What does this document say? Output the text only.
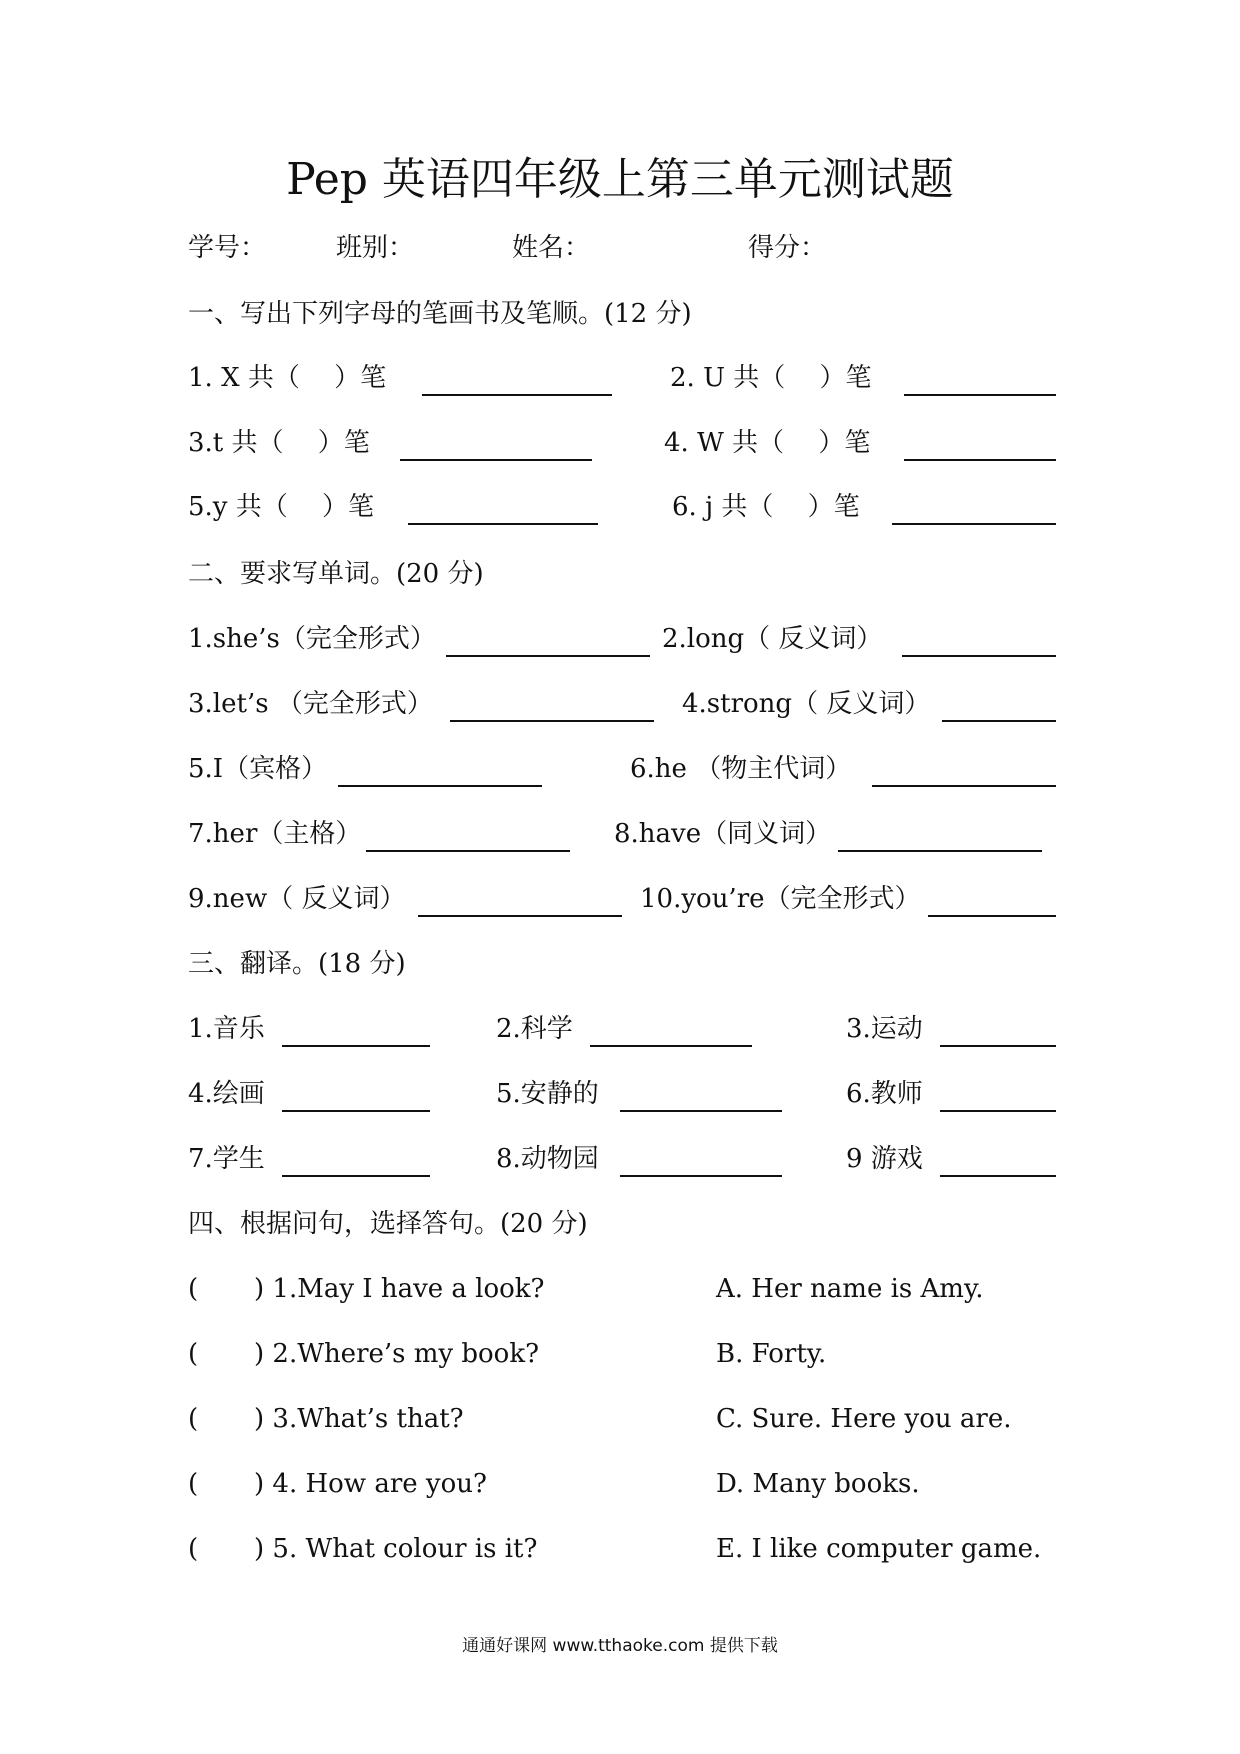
Pep 英语四年级上第三单元测试题
学号：	班别：	姓名：	得分：
一、写出下列字母的笔画书及笔顺。(12 分)
1. X 共（　 ）笔	2. U 共（　 ）笔
3.t 共（　 ）笔	4. W 共（　 ）笔
5.y 共（　 ）笔	6. j 共（　 ）笔
二、要求写单词。(20 分)
1.she’s（完全形式）	2.long（ 反义词）
3.let’s （完全形式）	4.strong（ 反义词）
5.I（宾格）	6.he （物主代词）
7.her（主格）	8.have（同义词）
9.new（ 反义词）	10.you’re（完全形式）
三、翻译。(18 分)
1.音乐	2.科学	3.运动
4.绘画	5.安静的	6.教师
7.学生	8.动物园	9 游戏
四、根据问句，选择答句。(20 分)
( ) 1.May I have a look?	A. Her name is Amy.
( ) 2.Where’s my book?	B. Forty.
( ) 3.What’s that?	C. Sure. Here you are.
( ) 4. How are you?	D. Many books.
( ) 5. What colour is it?	E. I like computer game.
通通好课网 www.tthaoke.com 提供下载
